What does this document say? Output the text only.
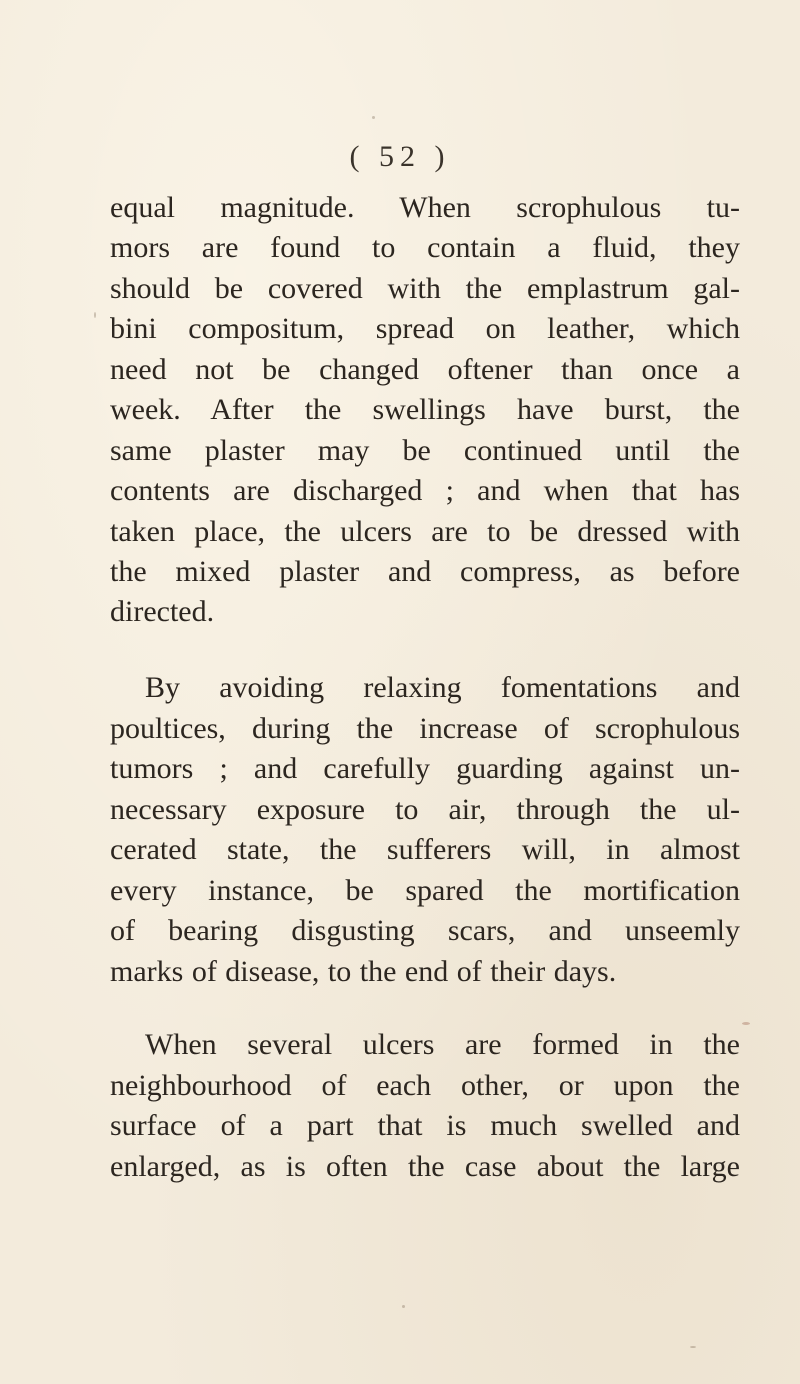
( 52 )
equal magnitude. When scrophulous tu-
mors are found to contain a fluid, they
should be covered with the emplastrum gal-
bini compositum, spread on leather, which
need not be changed oftener than once a
week. After the swellings have burst, the
same plaster may be continued until the
contents are discharged ; and when that has
taken place, the ulcers are to be dressed with
the mixed plaster and compress, as before
directed.
By avoiding relaxing fomentations and
poultices, during the increase of scrophulous
tumors ; and carefully guarding against un-
necessary exposure to air, through the ul-
cerated state, the sufferers will, in almost
every instance, be spared the mortification
of bearing disgusting scars, and unseemly
marks of disease, to the end of their days.
When several ulcers are formed in the
neighbourhood of each other, or upon the
surface of a part that is much swelled and
enlarged, as is often the case about the large
